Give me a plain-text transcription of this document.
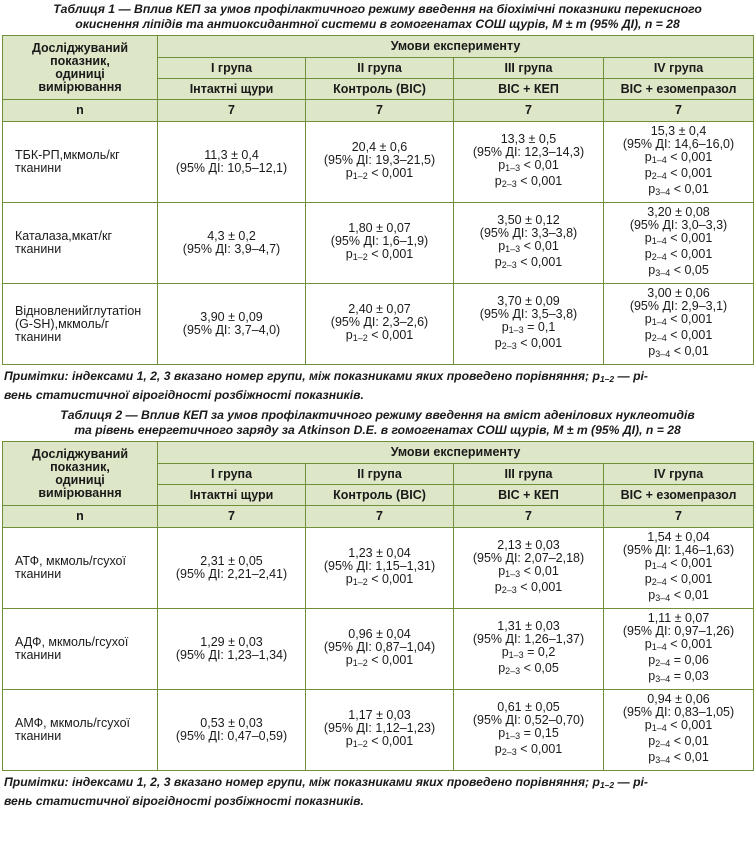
Таблиця 1 — Вплив КЕП за умов профілактичного режиму введення на біохімічні показники перекисного
окиснення ліпідів та антиоксидантної системи в гомогенатах СОШ щурів, M ± m (95% ДІ), n = 28
Досліджуваний
показник,
одиниці
вимірювання	Умови експерименту			
	I група	II група	III група	IV група
	Інтактні щури	Контроль (ВІС)	ВІС + КЕП	ВІС + езомепразол
n	7	7	7	7
ТБК-РП,мкмоль/кг тканини	11,3 ± 0,4
(95% ДІ: 10,5–12,1)	20,4 ± 0,6
(95% ДІ: 19,3–21,5)
$p_{1-2} < 0,001$	13,3 ± 0,5
(95% ДІ: 12,3–14,3)
$p_{1-3} < 0,01$
$p_{2-3} < 0,001$	15,3 ± 0,4
(95% ДІ: 14,6–16,0)
$p_{1-4} < 0,001$
$p_{2-4} < 0,001$
$p_{3-4} < 0,01$

Каталаза,мкат/кг тканини	4,3 ± 0,2
(95% ДІ: 3,9–4,7)	1,80 ± 0,07
(95% ДІ: 1,6–1,9)
$p_{1-2} < 0,001$	3,50 ± 0,12
(95% ДІ: 3,3–3,8)
$p_{1-3} < 0,01$
$p_{2-3} < 0,001$	3,20 ± 0,08
(95% ДІ: 3,0–3,3)
$p_{1-4} < 0,001$
$p_{2-4} < 0,001$
$p_{3-4} < 0,05$

Відновленийглутатіон (G-SH),мкмоль/г тканини	3,90 ± 0,09
(95% ДІ: 3,7–4,0)	2,40 ± 0,07
(95% ДІ: 2,3–2,6)
$p_{1-2} < 0,001$	3,70 ± 0,09
(95% ДІ: 3,5–3,8)
$p_{1-3} = 0,1$
$p_{2-3} < 0,001$	3,00 ± 0,06
(95% ДІ: 2,9–3,1)
$p_{1-4} < 0,001$
$p_{2-4} < 0,001$
$p_{3-4} < 0,01$
Примітки: індексами 1, 2, 3 вказано номер групи, між показниками яких проведено порівняння; $p_{1-2}$ — рі-
вень статистичної вірогідності розбіжності показників.
Таблиця 2 — Вплив КЕП за умов профілактичного режиму введення на вміст аденілових нуклеотидів
та рівень енергетичного заряду за Atkinson D.E. в гомогенатах СОШ щурів, M ± m (95% ДІ), n = 28
Досліджуваний
показник,
одиниці
вимірювання	Умови експерименту			
	I група	II група	III група	IV група
	Інтактні щури	Контроль (ВІС)	ВІС + КЕП	ВІС + езомепразол
n	7	7	7	7
АТФ, мкмоль/гсухої тканини	2,31 ± 0,05
(95% ДІ: 2,21–2,41)	1,23 ± 0,04
(95% ДІ: 1,15–1,31)
$p_{1-2} < 0,001$	2,13 ± 0,03
(95% ДІ: 2,07–2,18)
$p_{1-3} < 0,01$
$p_{2-3} < 0,001$	1,54 ± 0,04
(95% ДІ: 1,46–1,63)
$p_{1-4} < 0,001$
$p_{2-4} < 0,001$
$p_{3-4} < 0,01$

АДФ, мкмоль/гсухої тканини	1,29 ± 0,03
(95% ДІ: 1,23–1,34)	0,96 ± 0,04
(95% ДІ: 0,87–1,04)
$p_{1-2} < 0,001$	1,31 ± 0,03
(95% ДІ: 1,26–1,37)
$p_{1-3} = 0,2$
$p_{2-3} < 0,05$	1,11 ± 0,07
(95% ДІ: 0,97–1,26)
$p_{1-4} < 0,001$
$p_{2-4} = 0,06$
$p_{3-4} = 0,03$

АМФ, мкмоль/гсухої тканини	0,53 ± 0,03
(95% ДІ: 0,47–0,59)	1,17 ± 0,03
(95% ДІ: 1,12–1,23)
$p_{1-2} < 0,001$	0,61 ± 0,05
(95% ДІ: 0,52–0,70)
$p_{1-3} = 0,15$
$p_{2-3} < 0,001$	0,94 ± 0,06
(95% ДІ: 0,83–1,05)
$p_{1-4} < 0,001$
$p_{2-4} < 0,01$
$p_{3-4} < 0,01$
Примітки: індексами 1, 2, 3 вказано номер групи, між показниками яких проведено порівняння; $p_{1-2}$ — рі-
вень статистичної вірогідності розбіжності показників.
